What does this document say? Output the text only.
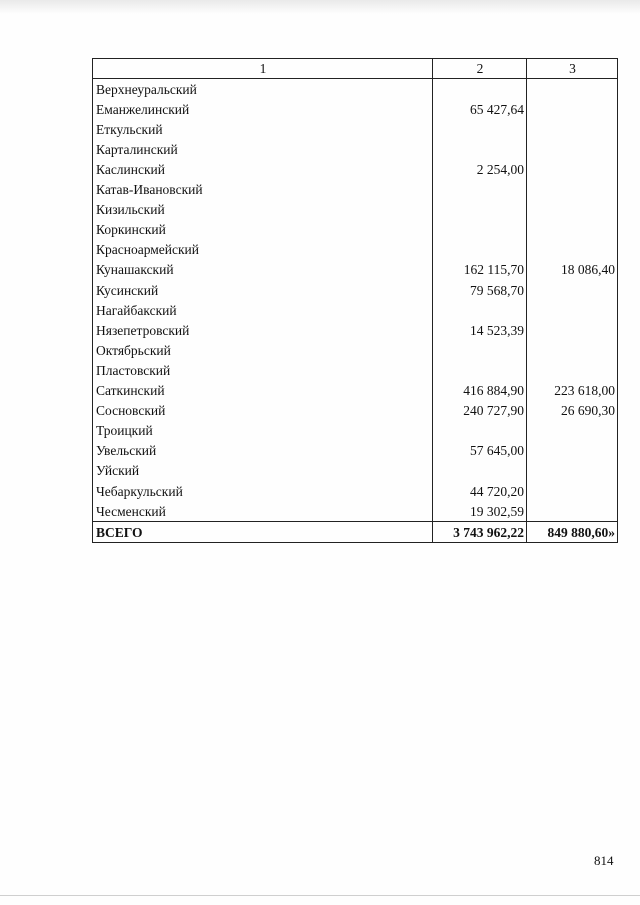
1	2	3
Верхнеуральский		
Еманжелинский	65 427,64	
Еткульский		
Карталинский		
Каслинский	2 254,00	
Катав-Ивановский		
Кизильский		
Коркинский		
Красноармейский		
Кунашакский	162 115,70	18 086,40
Кусинский	79 568,70	
Нагайбакский		
Нязепетровский	14 523,39	
Октябрьский		
Пластовский		
Саткинский	416 884,90	223 618,00
Сосновский	240 727,90	26 690,30
Троицкий		
Увельский	57 645,00	
Уйский		
Чебаркульский	44 720,20	
Чесменский	19 302,59	
ВСЕГО	3 743 962,22	849 880,60»
814
